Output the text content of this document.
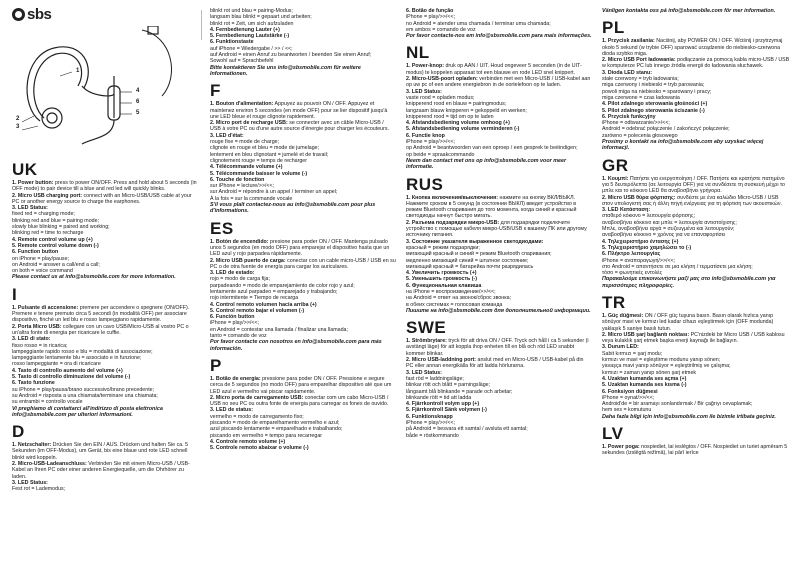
sbs
1
2
3
4
6
5
UK

1. Power button: press to power ON/OFF. Press and hold about 5 seconds (in OFF mode) to pair device till a blue and red led will quickly blinks.

2. Micro USB charging port: connect with an Micro-USB/USB cable at your PC or another energy source to charge the earphones.

3. LED Status:

fixed red = charging mode;

blinking red and blue = pairing mode;

slowly blue blinking = paired and working;

blinking red = time to recharge

4. Remote control volume up (+)

5. Remote control volume down (-)

6. Function button

on iPhone = play/pause;

on Android = answer a call/end a call;

on both = voice command

Please contact us at info@sbsmobile.com for more information.

I

1. Pulsante di accensione: premere per accendere o spegnere (ON/OFF). Premere e tenere premuto circa 5 secondi (in modalità OFF) per associare dispositivo, finché un led blu e rosso lampeggiano rapidamente.

2. Porta Micro USB: collegare con un cavo USB/Micro-USB al vostro PC o un'altra fonte di energia per ricaricare le cuffie.

3. LED di stato:

fisso rosso = in ricarica;

lampeggiante rapido rosso e blu = modalità di associazione;

lampeggiante lentamente blu = associato e in funzione;

rosso lampeggiante = ora di ricaricare

4. Tasto di controllo aumento del volume (+)

5. Tasto di controllo diminuzione del volume (-)

6. Tasto funzione

su iPhone = play/pausa/brano successivo/brano precedente;

su Android = risposta a una chiamata/terminare una chiamata;

su entrambi = controllo vocale

Vi preghiamo di contattarci all'indirizzo di posta elettronica info@sbsmobile.com per ulteriori informazioni.

D

1. Netzschalter: Drücken Sie den EIN / AUS. Drücken und halten Sie ca. 5 Sekunden (im OFF-Modus), um Gerät, bis eine blaue und rote LED schnell blinkt wird koppeln.

2. Micro-USB-Ladeanschluss: Verbinden Sie mit einem Micro-USB / USB-Kabel an Ihren PC oder einer anderen Energiequelle, um die Ohrhörer zu laden.

3. LED Status:

Fest rot = Lademodus;

blinkt rot und blau = pairing-Modus;

langsam blau blinkt = gepaart und arbeiten;

blinkt rot = Zeit, um sich aufzuladen

4. Fernbedienung Lauter (+)

5. Fernbedienung Lautstärke (-)

6. Funktionstaste

auf iPhone = Wiedergabe / >> / <<;

auf Android = einen Anruf zu beantworten / beenden Sie einen Anruf;

Sowohl auf = Sprachbefehl

Bitte kontaktieren Sie uns info@sbsmobile.com für weitere Informationen.

F

1. Bouton d'alimentation: Appuyez au pouvoir ON / OFF. Appuyez et maintenez environ 5 secondes (en mode OFF) pour se lier dispositif jusqu'à une LED bleue et rouge clignote rapidement.

2. Micro port de recharge USB: se connecter avec un câble Micro-USB / USB à votre PC ou d'une autre source d'énergie pour charger les écouteurs.

3. LED d'état:

rouge fixe = mode de charge;

clignote en rouge et bleu = mode de jumelage;

lentement en bleu clignotant = jumelé et de travail;

clignotement rouge = temps de recharger

4. Télécommande volume (+)

5. Télécommande baisser le volume (-)

6. Touche de fonction

sur iPhone = lecture/>>/<<;

sur Android = répondre à un appel / terminer un appel;

À la fois = sur la commande vocale

S'il vous plaît contactez-nous au info@sbsmobile.com pour plus d'informations.

ES

1. Botón de encendido: presione para poder ON / OFF. Mantenga pulsado unos 5 segundos (en modo OFF) para emparejar el dispositivo hasta que un LED azul y rojo parpadea rápidamente.

2. Micro USB puerto de carga: conectar con un cable micro-USB / USB en su PC o de otra fuente de energía para cargar los auriculares.

3. LED de estado:

rojo = modo de carga fija;

parpadeando = modo de emparejamiento de color rojo y azul;

lentamente azul parpadeo = emparejado y trabajando;

rojo intermitente = Tiempo de recarga

4. Control remoto volumen hacia arriba (+)

5. Control remoto bajar el volumen (-)

6. Función button

iPhone = play/>>/<<;

en Android = contestar una llamada / finalizar una llamada;

tanto = comando de voz

Por favor contacte con nosotros en info@sbsmobile.com para más información.

P

1. Botão de energia: pressione para poder ON / OFF. Pressione e segure cerca de 5 segundos (no modo OFF) para emparelhar dispositivo até que um LED azul e vermelho vai piscar rapidamente.

2. Micro porta de carregamento USB: conectar com um cabo Micro-USB / USB no seu PC ou outra fonte de energia para carregar os fones de ouvido.

3. LED de status:

vermelho = modo de carregamento fixo;

piscando = modo de emparelhamento vermelho e azul;

azul piscando lentamente = emparelhado e trabalhando;

piscando em vermelho = tempo para recarregar

4. Controle remoto volume (+)

5. Controle remoto abaixar o volume (-)

6. Botão de função

iPhone = play/>>/<<;

no Android = atender uma chamada / terminar uma chamada;

em ambos = comando de voz

Por favor contacte-nos em info@sbsmobile.com para mais informações.

NL

1. Power-knop: druk op AAN / UIT. Houd ongeveer 5 seconden (in de UIT-modus) te koppelen apparaat tot een blauwe en rode LED snel knippert.

2. Micro-USB-poort opladen: verbinden met een Micro-USB / USB-kabel aan op uw pc of een andere energiebron in de oortelefoon op te laden.

3. LED Status:

vaste rood = opladen modus;

knipperend rood en blauw = pairingmodus;

langzaam blauw knipperen = gekoppeld en werken;

knipperend rood = tijd om op te laden

4. Afstandsbediening volume omhoog (+)

5. Afstandsbediening volume verminderen (-)

6. Functie knop

iPhone = play/>>/<<;

op Android = beantwoorden van een oproep / een gesprek te beëindigen;

op beide = spraakcommando

Neem dan contact met ons op info@sbsmobile.com voor meer informatie.

RUS

1. Кнопка включения/выключения: нажмите на кнопку ВКЛ/ВЫКЛ. Нажмите сроком в 5 секунд (в состоянии ВЫКЛ) введет устройство в режим Bluetooth спаривания до того момента, когда синий и красный светодиоды начнут быстро мигать.

2. Разъема подзарядки микро-USB: для подзарядки подключите устройство с помощью кабеля микро-USB/USB к вашему ПК или другому источнику питания.

3. Состояние указателя выраженное светодиодами:

красный = режим подзарядки;

мигающий красный и синий = режим Bluetooth спаривания;

медленно мигающий синий = штатное состояние;

мигающий красный = батарейка почти разрядилась

4. Увеличить громкость (+)

5. Уменьшить громкость (-)

6. Функциональная клавиша

на iPhone = воспроизведение/>>/<<;

на Android = ответ на звонок/сброс звонка;

в обеих системах = голосовая команда

Пишите на info@sbsmobile.com для дополнительной информации.

SWE

1. Strömbrytare: tryck för att driva ON / OFF. Tryck och håll i ca 5 sekunder (i avstängt läge) för att koppla ihop enheten till en blå och röd LED snabbt kommer blinkar.

2. Micro USB-laddning port: anslut med en Micro-USB / USB-kabel på din PC eller annan energikälla för att ladda hörlurarna.

3. LED Status:

fast röd = laddningsläge;

blinkar rött och blått = parningsläge;

långsamt blå blinkande = parade och arbetar;

blinkande rött = tid att ladda

4. Fjärrkontroll volym upp (+)

5. Fjärrkontroll Sänk volymen (-)

6. Funktionsknapp

iPhone = play/>>/<<;

på Android = besvara ett samtal / avsluta ett samtal;

både = röstkommando

Vänligen kontakta oss på info@sbsmobile.com för mer information.

PL

1. Przycisk zasilania: Naciśnij, aby POWER ON / OFF. Wciśnij i przytrzymaj około 5 sekund (w trybie OFF) sparować urządzenie do niebiesko-czerwona dioda szybko miga.

2. Micro USB Port ładowania: podłączanie za pomocą kabla micro-USB / USB w komputerze PC lub innego źródła energii do ładowania słuchawek.

3. Dioda LED stanu:

stałe czerwony = tryb ładowania;

miga czerwony i niebieski = tryb parowania;

powoli miga na niebiesko = sparowany i pracy;

miga czerwone = czas ładowania

4. Pilot zdalnego sterowania głośności (+)

5. Pilot zdalnego sterowania ściszanie (-)

6. Przycisk funkcyjny

iPhone = odtwarzanie/>>/<<;

Android = odebrać połączenie / zakończyć połączenie;

zarówno = polecenia głosowego

Prosimy o kontakt na info@sbsmobile.com aby uzyskać więcej informacji.

GR

1. Κουμπί: Πατήστε για ενεργοποίηση / OFF. Πατήστε και κρατήστε πατημένο για 5 δευτερόλεπτα (σε λειτουργία OFF) για να συνδέσετε τη συσκευή μέχρι το μπλε και το κόκκινο LED θα αναβοσβήνει γρήγορα.

2. Micro USB θύρα φόρτισης: συνδέστε με ένα καλώδιο Micro-USB / USB στον υπολογιστή σας ή άλλη πηγή ενέργειας για τη φόρτιση των ακουστικών.

3. LED Κατάσταση:

σταθερό κόκκινο = λειτουργία φόρτισης;

αναβοσβήνει κόκκινο και μπλε = λειτουργία αντιστοίχισης;

Μπλε, αναβοσβήνει αργά = συζευγμένα και λειτουργούν;

αναβοσβήνει κόκκινο = χρόνος για να επαναφορτίσει

4. Τηλεχειριστήριο έντασης (+)

5. Τηλεχειριστήριο χαμηλώσει το (-)

6. Πλήκτρο λειτουργίας

iPhone = αναπαραγωγή/>>/<<;

στο Android = απαντήσετε σε μια κλήση / τερματίσετε μια κλήση;

τόσο = φωνητικές εντολές

Παρακαλούμε επικοινωνήστε μαζί μας στο info@sbsmobile.com για περισσότερες πληροφορίες.

TR

1. Güç düğmesi: ON / OFF güç tuşuna basın. Basın olarak hızlıca yanıp sönüyor mavi ve kırmızı led kadar cihazı eşleştirmek için (OFF modunda) yaklaşık 5 saniye basılı tutun.

2. Micro USB şarj bağlantı noktası: PC'nizdeki bir Micro USB / USB kablosu veya kulaklık şarj etmek başka enerji kaynağı ile bağlayın.

3. Durum LED:

Sabit kırmızı = şarj modu;

kırmızı ve mavi = eşleştirme modunu yanıp sönen;

yavaşça mavi yanıp sönüyor = eşleştirilmiş ve çalışma;

kırmızı = zaman yanıp sönen şarj etmek

4. Uzaktan kumanda ses açma (+)

5. Uzaktan kumanda ses kısma (-)

6. Fonksiyon düğmesi

iPhone = oynat/>>/<<;

Android'de = bir aramayı sonlandırmak / Bir çağrıyı cevaplamak;

hem ses = komutunu

Daha fazla bilgi için info@sbsmobile.com ile bizimle irtibata geçiniz.

LV

1. Power poga: nospiediet, lai ieslēgtos / OFF. Nospiediet un turiet apmēram 5 sekundes (izslēgtā režīmā), lai pārī ierīce
